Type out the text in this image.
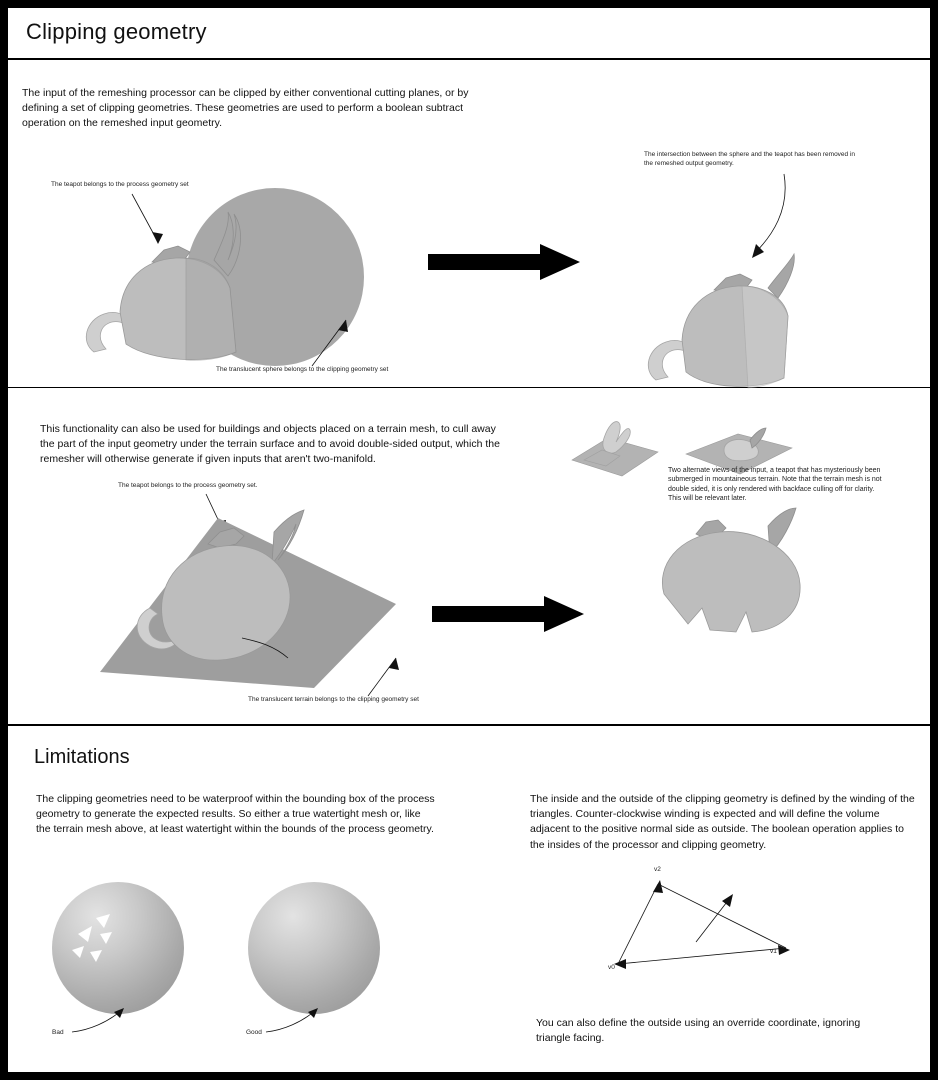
Clipping geometry
The input of the remeshing processor can be clipped by either conventional cutting planes, or by defining a set of clipping geometries. These geometries are used to perform a boolean subtract operation on the remeshed input geometry.
The teapot belongs to the process geometry set
The translucent sphere belongs to the clipping geometry set
The intersection between the sphere and the teapot has been removed in the remeshed output geometry.
This functionality can also be used for buildings and objects placed on a terrain mesh, to cull away the part of the input geometry under the terrain surface and to avoid double-sided output, which the remesher will otherwise generate if given inputs that aren't two-manifold.
The teapot belongs to the process geometry set.
The translucent terrain belongs to the clipping geometry set
Two alternate views of the input, a teapot that has mysteriously been submerged in mountaineous terrain. Note that the terrain mesh is not double sided, it is only rendered with backface culling off for clarity. This will be relevant later.
Limitations
The clipping geometries need to be waterproof within the bounding box of the process geometry to generate the expected results. So either a true watertight mesh or, like the terrain mesh above, at least watertight within the bounds of the process geometry.
The inside and the outside of the clipping geometry is defined by the winding of the triangles. Counter-clockwise winding is expected and will define the volume adjacent to the positive normal side as outside. The boolean operation applies to the insides of the processor and clipping geometry.
Bad	Good
v2
v1
v0
You can also define the outside using an override coordinate, ignoring triangle facing.
